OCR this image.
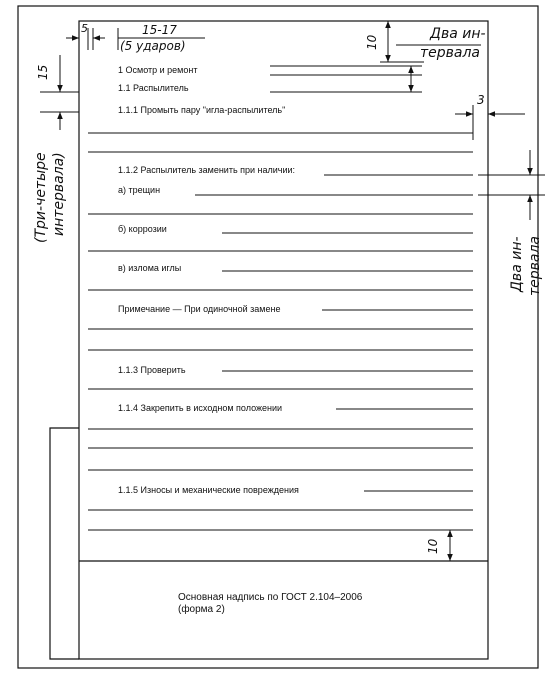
5	15-17
(5 ударов)	10
Два ин-
тервала
15
3
(Три-четыре интервала)
Два ин- тервала
10
1 Осмотр и ремонт
1.1 Распылитель
1.1.1 Промыть пару "игла-распылитель"
1.1.2 Распылитель заменить при наличии:
а) трещин
б) коррозии
в) излома иглы
Примечание — При одиночной замене
1.1.3 Проверить
1.1.4 Закрепить в исходном положении
1.1.5 Износы и механические повреждения
Основная надпись по ГОСТ 2.104–2006
(форма 2)
